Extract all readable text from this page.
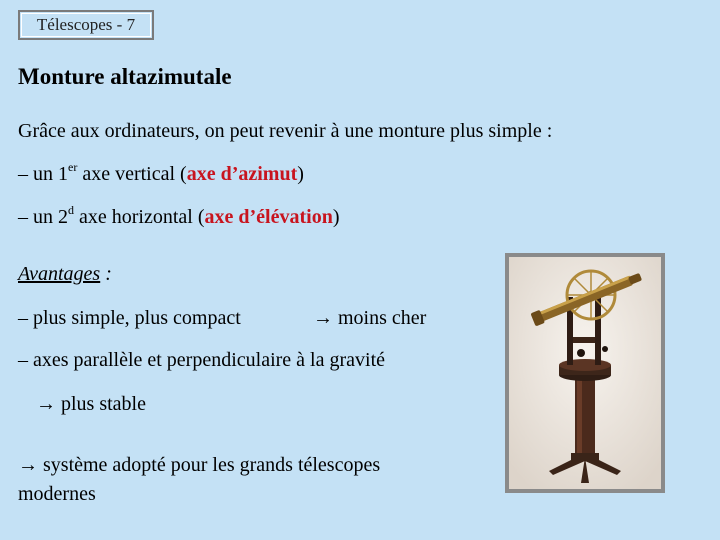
Télescopes - 7
Monture altazimutale
Grâce aux ordinateurs, on peut revenir à une monture plus simple :
– un 1er axe vertical (axe d’azimut)
– un 2$^d$ axe horizontal (axe d’élévation)
Avantages :
– plus simple, plus compact	→ moins cher
– axes parallèle et perpendiculaire à la gravité
→ plus stable
→ système adopté pour les grands télescopes
modernes
